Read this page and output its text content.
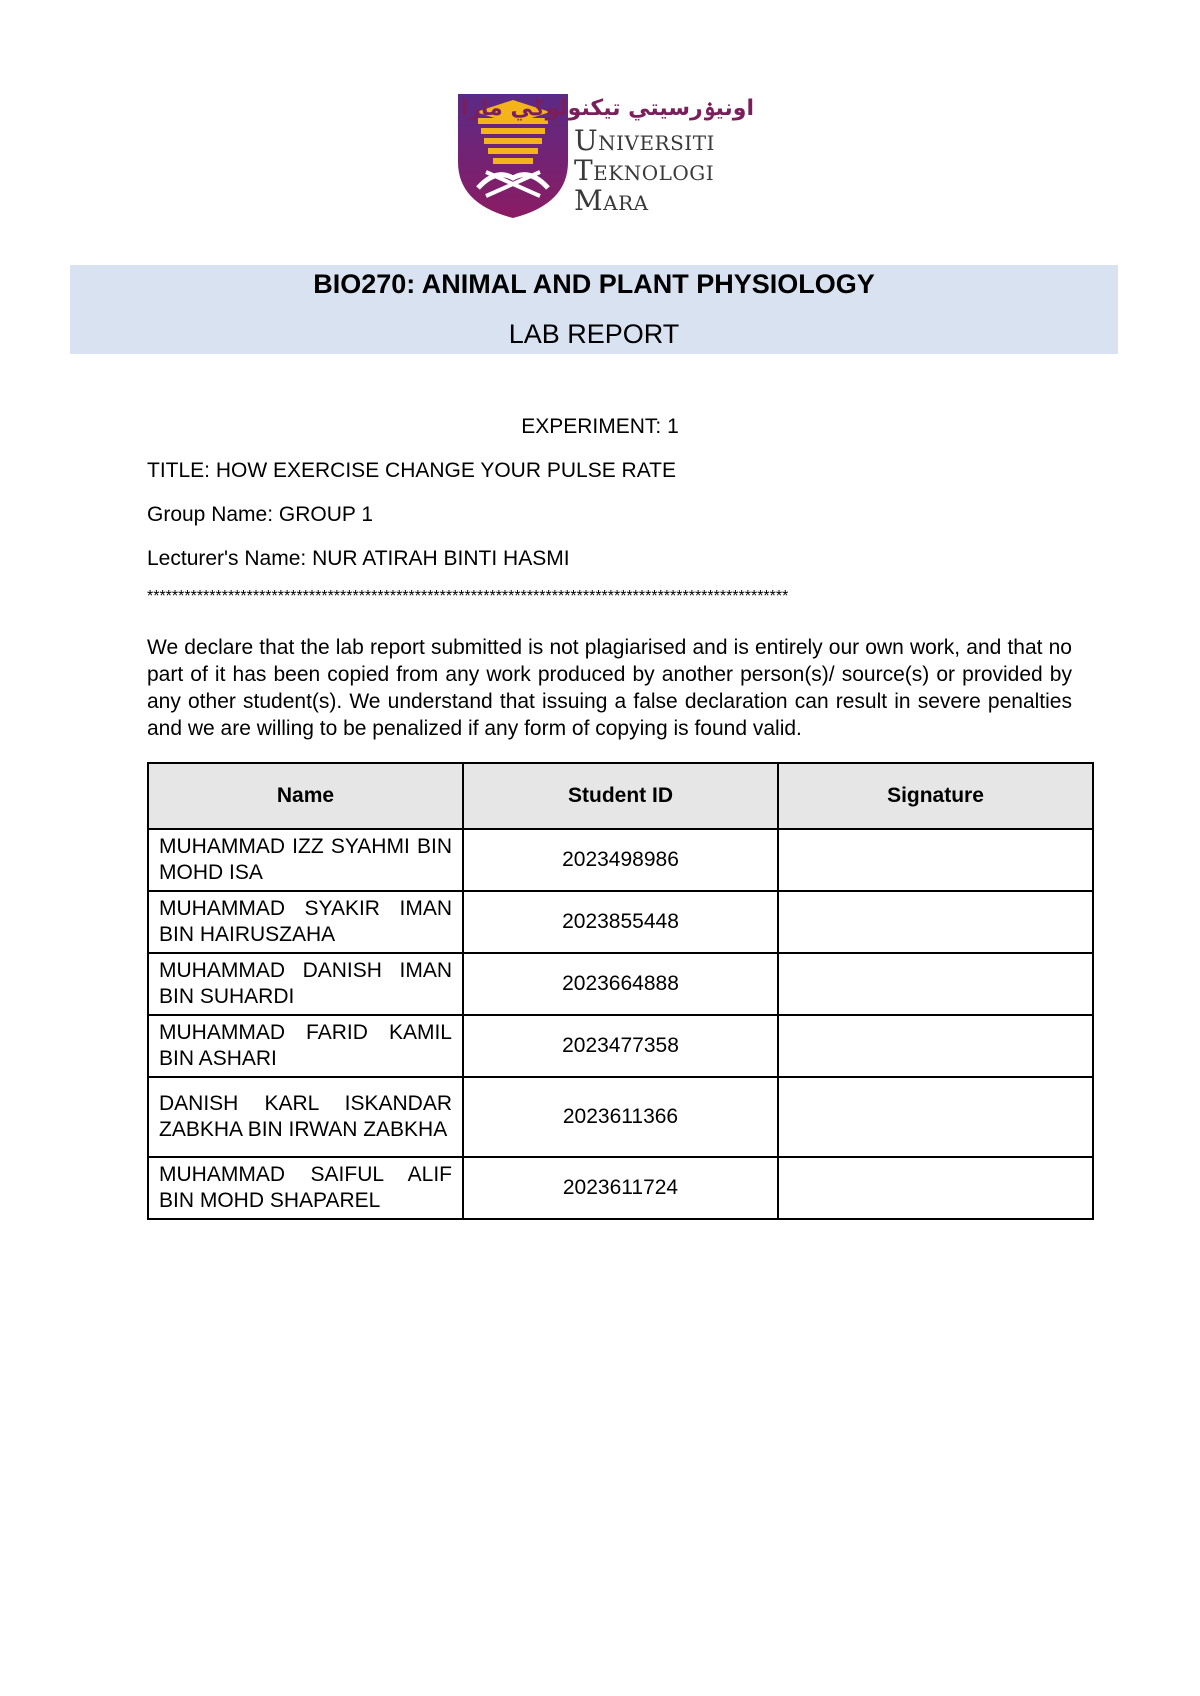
اونيۏرسيتي تيكنولوݢي مارا
Universiti
Teknologi
Mara
BIO270: ANIMAL AND PLANT PHYSIOLOGY
LAB REPORT
EXPERIMENT: 1
TITLE: HOW EXERCISE CHANGE YOUR PULSE RATE
Group Name: GROUP 1
Lecturer's Name: NUR ATIRAH BINTI HASMI
*******************************************************************************************************
We declare that the lab report submitted is not plagiarised and is entirely our own work, and that no part of it has been copied from any work produced by another person(s)/ source(s) or provided by any other student(s). We understand that issuing a false declaration can result in severe penalties and we are willing to be penalized if any form of copying is found valid.
Name	Student ID	Signature
MUHAMMAD IZZ SYAHMI BIN MOHD ISA	2023498986	
MUHAMMAD SYAKIR IMAN BIN HAIRUSZAHA	2023855448	
MUHAMMAD DANISH IMAN BIN SUHARDI	2023664888	
MUHAMMAD FARID KAMIL BIN ASHARI	2023477358	
DANISH KARL ISKANDAR ZABKHA BIN IRWAN ZABKHA	2023611366	
MUHAMMAD SAIFUL ALIF BIN MOHD SHAPAREL	2023611724	
